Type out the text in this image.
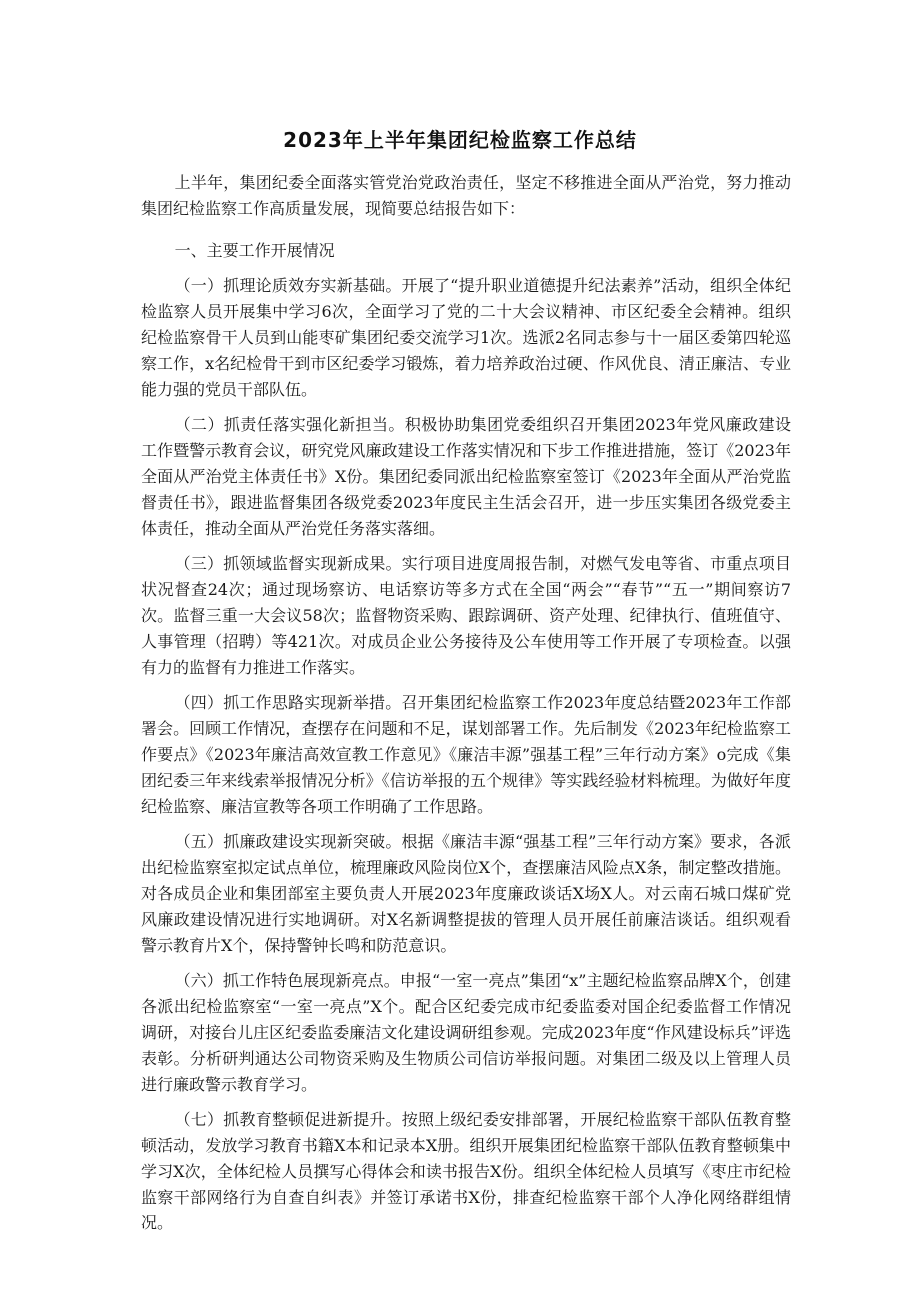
2023年上半年集团纪检监察工作总结

上半年，集团纪委全面落实管党治党政治责任，坚定不移推进全面从严治党，努力推动集团纪检监察工作高质量发展，现简要总结报告如下：

一、主要工作开展情况

（一）抓理论质效夯实新基础。开展了“提升职业道德提升纪法素养”活动，组织全体纪检监察人员开展集中学习6次，全面学习了党的二十大会议精神、市区纪委全会精神。组织纪检监察骨干人员到山能枣矿集团纪委交流学习1次。选派2名同志参与十一届区委第四轮巡察工作，x名纪检骨干到市区纪委学习锻炼，着力培养政治过硬、作风优良、清正廉洁、专业能力强的党员干部队伍。

（二）抓责任落实强化新担当。积极协助集团党委组织召开集团2023年党风廉政建设工作暨警示教育会议，研究党风廉政建设工作落实情况和下步工作推进措施，签订《2023年全面从严治党主体责任书》X份。集团纪委同派出纪检监察室签订《2023年全面从严治党监督责任书》，跟进监督集团各级党委2023年度民主生活会召开，进一步压实集团各级党委主体责任，推动全面从严治党任务落实落细。

（三）抓领域监督实现新成果。实行项目进度周报告制，对燃气发电等省、市重点项目状况督查24次；通过现场察访、电话察访等多方式在全国“两会”“春节”“五一”期间察访7次。监督三重一大会议58次；监督物资采购、跟踪调研、资产处理、纪律执行、值班值守、人事管理（招聘）等421次。对成员企业公务接待及公车使用等工作开展了专项检查。以强有力的监督有力推进工作落实。

（四）抓工作思路实现新举措。召开集团纪检监察工作2023年度总结暨2023年工作部署会。回顾工作情况，查摆存在问题和不足，谋划部署工作。先后制发《2023年纪检监察工作要点》《2023年廉洁高效宣教工作意见》《廉洁丰源”强基工程”三年行动方案》o完成《集团纪委三年来线索举报情况分析》《信访举报的五个规律》等实践经验材料梳理。为做好年度纪检监察、廉洁宣教等各项工作明确了工作思路。

（五）抓廉政建设实现新突破。根据《廉洁丰源“强基工程”三年行动方案》要求，各派出纪检监察室拟定试点单位，梳理廉政风险岗位X个，查摆廉洁风险点X条，制定整改措施。对各成员企业和集团部室主要负责人开展2023年度廉政谈话X场X人。对云南石城口煤矿党风廉政建设情况进行实地调研。对X名新调整提拔的管理人员开展任前廉洁谈话。组织观看警示教育片X个，保持警钟长鸣和防范意识。

（六）抓工作特色展现新亮点。申报“一室一亮点”集团“x”主题纪检监察品牌X个，创建各派出纪检监察室“一室一亮点”X个。配合区纪委完成市纪委监委对国企纪委监督工作情况调研，对接台儿庄区纪委监委廉洁文化建设调研组参观。完成2023年度“作风建设标兵”评选表彰。分析研判通达公司物资采购及生物质公司信访举报问题。对集团二级及以上管理人员进行廉政警示教育学习。

（七）抓教育整顿促进新提升。按照上级纪委安排部署，开展纪检监察干部队伍教育整顿活动，发放学习教育书籍X本和记录本X册。组织开展集团纪检监察干部队伍教育整顿集中学习X次，全体纪检人员撰写心得体会和读书报告X份。组织全体纪检人员填写《枣庄市纪检监察干部网络行为自查自纠表》并签订承诺书X份，排查纪检监察干部个人净化网络群组情况。
